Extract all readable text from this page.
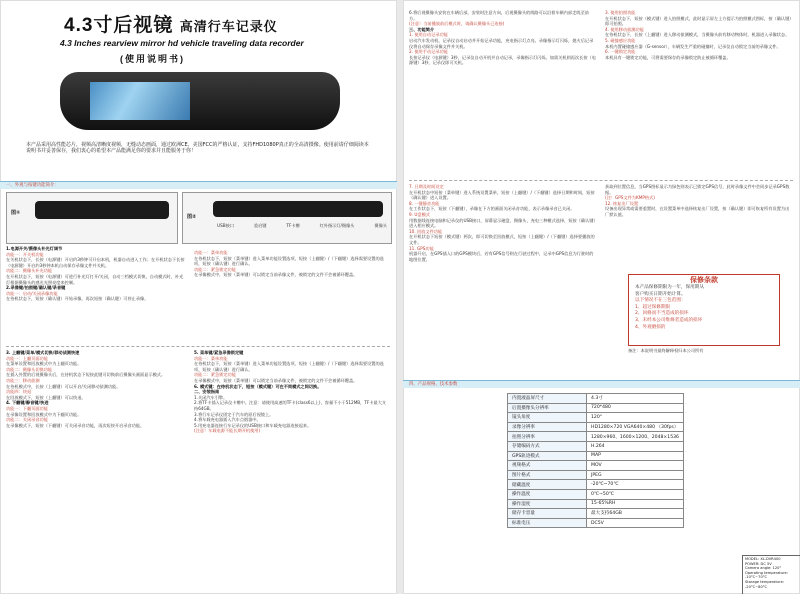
4.3寸后视镜 高清行车记录仪
4.3 Inches rearview mirror hd vehicle traveling data recorder
(使用说明书)
本产品采用高性能芯片，视频高清晰度视频，无缝动态画面，通过欧洲CE、美国FCC的严格认证，支持FHD1080P真正的全高清摄像。使用前请仔细阅读本说明书并妥善保存，我们衷心的希望本产品能满足你的要求并且能服务于你！
一、外观与按键功能简介：
图①
图②
USB接口	重启键	TF卡槽	红外指示灯/摄像头	摄像头
1.电源开关/摄像头补光灯调节
功能一：开关机功能
在关机状态下，长按（电源键）开启约3秒钟可开启本机，机器自动进入工作；在开机状态下长按（电源键）开启约3秒钟本机自动保存录像文件并关机。
功能二：摄像头补光功能
在开机状态下，短按（电源键）可进行补光灯打开/关闭，自动三档模式切换，自动模式时，补光灯根据摄像头的感光光照亮度来控制。
2.录像键/拍照键/确认键/录音键
功能一：启动/关闭录像功能
在待机状态下，短按（确认键）开始录像，再次短按（确认键）可停止录像。
功能一：菜单功能
在待机状态下，短按（菜单键）进入菜单功能设置选项，短按（上翻键）/（下翻键）选择需要设置的选项，短按（确认键）进行确认。
功能二：紧急锁定功能
在录像模式中，短按（菜单键）可以锁定当前录像文件，被锁定的文件不会被循环覆盖。
3. 上翻键/菜单/模式切换/移动侦测快速
功能一：上翻页面功能
在菜单设置和回放模式中为上翻页功能。
功能二：摄像头切换功能
在插入外置的后视摄像头后，在待机状态下短按此键可切换前后摄像头画面显示模式。
功能三：移动侦测
在待机模式中，长按（上翻键）可以开启/关闭移动侦测功能。
功能四：快退
在回放模式下，短按（上翻键）可以快退。
4. 下翻键/静音键/快进
功能一：下翻页面功能
在录像设置和回放模式中为下翻页功能。
功能二：关闭录音功能
在录像模式下，短按（下翻键）可关闭录音功能，再次短按开启录音功能。
5. 菜单键/紧急录像锁定键
功能一：菜单功能
在待机状态下，短按（菜单键）进入菜单功能设置选项，短按（上翻键）/（下翻键）选择需要设置的选项，短按（确认键）进行确认。
功能二：紧急锁定功能
在录像模式中，短按（菜单键）可以锁定当前录像文件，被锁定的文件不会被循环覆盖。
6. 模式键：在待机状态下，短按（模式键）可在不同模式之间切换。
二、安装指南
1.关闭汽车引擎。
2.将TF卡插入记录仪卡槽中。注意：请使用高速的TF卡(class6以上)，容量不小于512MB，TF卡最大支持64GB。
3.将行车记录仪固定于汽车的原后视镜上。
4.将车载充电器插入汽车点烟器中。
5.用充电器连接行车记录仪的USB接口和车载充电器连接起来。
(注意！车载电源不能长期开机使用)
6.将后视摄像头安装在车辆后部，安装时注意方向，后视摄像头的线路可以沿着车辆内部走线至前方。
(注意！当前播放前后模式时，请确认摄像头已连接)
三、功能简介
1. 使用自动记录功能
启动汽车发动机，记录仪自动启动并开始记录功能，充电指示灯点亮。录像指示灯闪烁，熄火后记录仪将自动保存录像文件并关机。
2. 使用手动记录功能
长按记录仪（电源键）3秒，记录仪自动开机并自动记录，录像指示灯闪烁，如需关机则再次长按（电源键）3秒，记录仪即可关机。
3. 使用拍照功能
在开机状态下，短按（模式键）进入拍照模式，此时显示屏左上方提示为拍照模式图标，按（确认键）即可拍照。
4. 使用移动侦测功能
在待机状态下，长按（上翻键）进入移动侦测模式，当摄像头前有移动物体时，机器进入录像状态。
5. 碰撞感应功能
本机内置碰撞感应器（G-sensor），车辆发生严重的碰撞时，记录仪自动锁定当前的录像文件。
6. 一键锁定功能
本机具有一键锁定功能，可将需要保存的录像锁定防止被循环覆盖。
7. 日期及时间设定
在开机状态中短按（菜单键）进入系统设置菜单，短按（上翻键）/（下翻键）选择日期和时间，短按（确认键）进入设置。
8. 一键静音功能
在工作状态下，短按（下翻键），录像在下方的画面关闭录音功能，表示录像录音已关闭。
9. U盘模式
用数据线连接电脑和记录仪的USB接口，屏幕显示磁盘、摄像头、充电三种模式选择，短按（确认键）进入相应模式。
10. 回放文件功能
在开机状态下短按（模式键）两次，即可切换至回放模式，短按（上翻键）/（下翻键）选择要播放的文件。
11. GPS功能
机器开启，在GPS插入口的GPS模块后，若有GPS信号则在行驶过程中，记录中GPS信息为行驶时的地图位置。
获取到位置信息，当GPS图标显示为绿色则表示已锁定GPS信号，此时录像文件中会同步记录GPS数据。
(注！GPS文件为KMP格式)
12. 恢复出厂设置
设备出现异常或需要重置时，在设置菜单中选择恢复出厂设置，按（确认键）即可恢复所有设置为出厂默认值。
保修条款
本产品保修期限为一年，保用期从
客户购买日期开始计算。
以下情况不在三包范围：
1、超过保修期限
2、回修而不当造成的损坏
3、未经本公司维修者造成的损坏
4、外观磨损的
备注：本说明书最终解释权归本公司所有
四、产品规格、技术参数
内置液晶屏尺寸	4.3寸
后置摄像头分辨率	720*480
镜头角度	120°
录像分辨率	HD1280×720 VGA640×480 （30fps）
拍照分辨率	1280×960、1600×1200、2048×1536
存储编码方式	H.264
GPS轨迹模式	MAP
视频格式	MOV
图片格式	JPEG
储藏温度	-20℃~70℃
操作温度	0℃~50℃
操作湿度	15-65%RH
储存卡容量	最大支持64GB
标准电压	DC5V
MODEL: XL-DVR400
POWER: DC 5V
Camera angle: 120°
Operating temperature: -10°C~70°C
Storage temperature: -20°C~80°C
